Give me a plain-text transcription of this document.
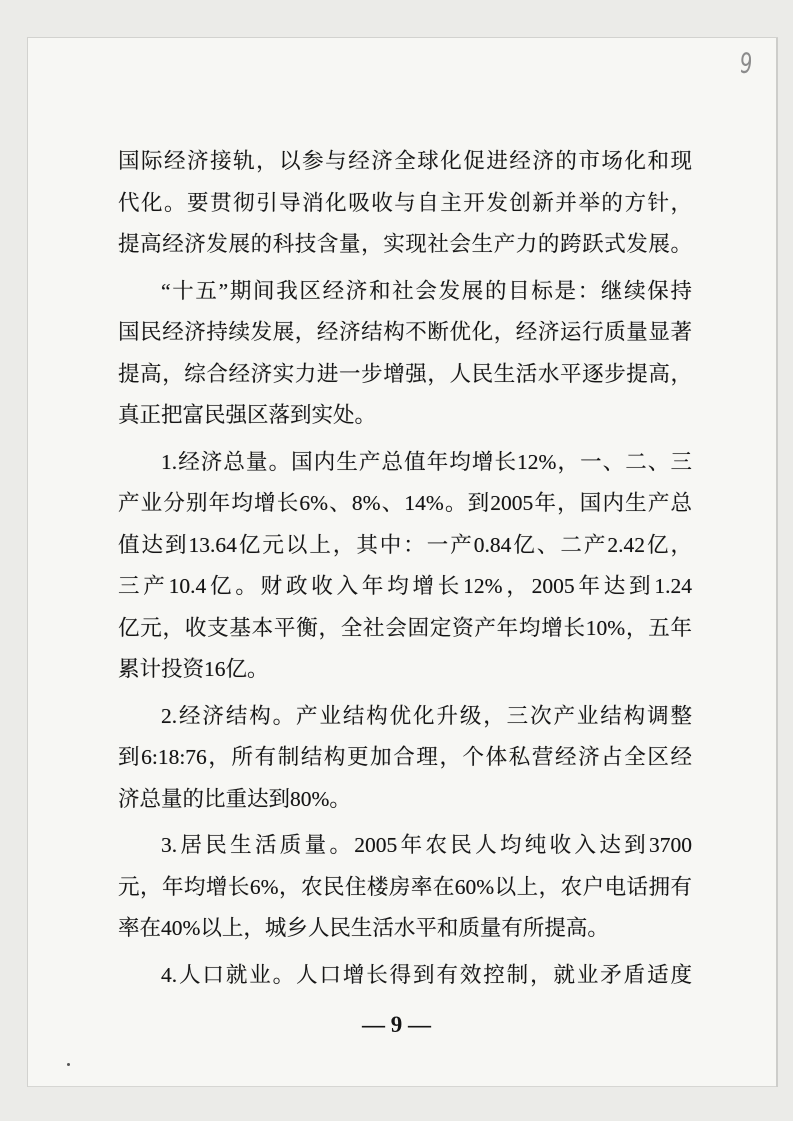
9
国际经济接轨，以参与经济全球化促进经济的市场化和现
代化。要贯彻引导消化吸收与自主开发创新并举的方针，
提高经济发展的科技含量，实现社会生产力的跨跃式发展。
“十五”期间我区经济和社会发展的目标是：继续保持
国民经济持续发展，经济结构不断优化，经济运行质量显著
提高，综合经济实力进一步增强，人民生活水平逐步提高，
真正把富民强区落到实处。
1.经济总量。国内生产总值年均增长12%，一、二、三
产业分别年均增长6%、8%、14%。到2005年，国内生产总
值达到13.64亿元以上，其中：一产0.84亿、二产2.42亿，
三产10.4亿。财政收入年均增长12%，2005年达到1.24
亿元，收支基本平衡，全社会固定资产年均增长10%，五年
累计投资16亿。
2.经济结构。产业结构优化升级，三次产业结构调整
到6:18:76，所有制结构更加合理，个体私营经济占全区经
济总量的比重达到80%。
3.居民生活质量。2005年农民人均纯收入达到3700
元，年均增长6%，农民住楼房率在60%以上，农户电话拥有
率在40%以上，城乡人民生活水平和质量有所提高。
4.人口就业。人口增长得到有效控制，就业矛盾适度
— 9 —
